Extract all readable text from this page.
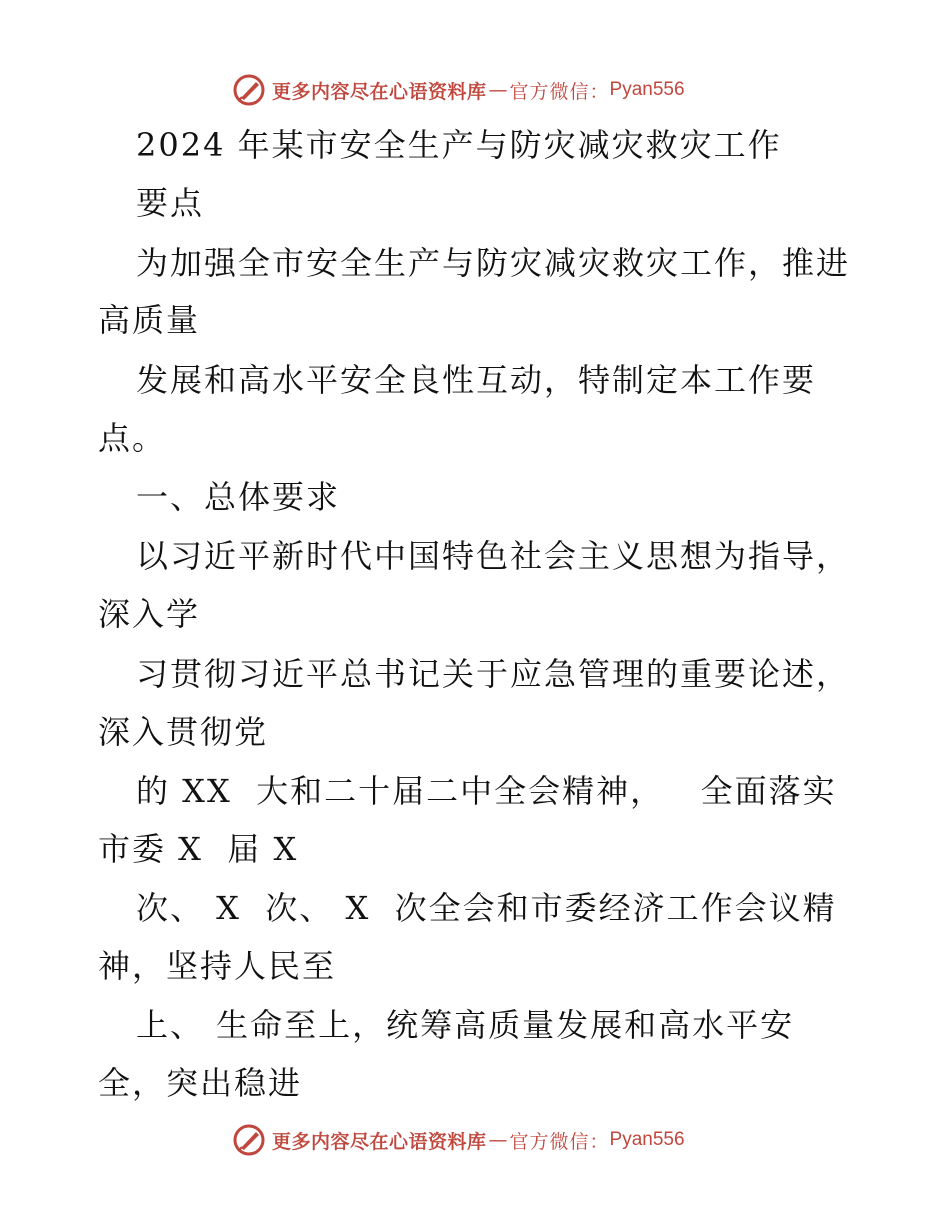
更多内容尽在心语资料库 — 官方微信： Pyan556
2024 年某市安全生产与防灾减灾救灾工作
要点
为加强全市安全生产与防灾减灾救灾工作，推进
高质量
发展和高水平安全良性互动，特制定本工作要
点。
一、总体要求
以习近平新时代中国特色社会主义思想为指导，
深入学
习贯彻习近平总书记关于应急管理的重要论述，
深入贯彻党
的 XX  大和二十届二中全会精神，   全面落实
市委 X  届 X
次、 X  次、 X  次全会和市委经济工作会议精
神，坚持人民至
上、 生命至上，统筹高质量发展和高水平安
全，突出稳进
更多内容尽在心语资料库 — 官方微信： Pyan556
